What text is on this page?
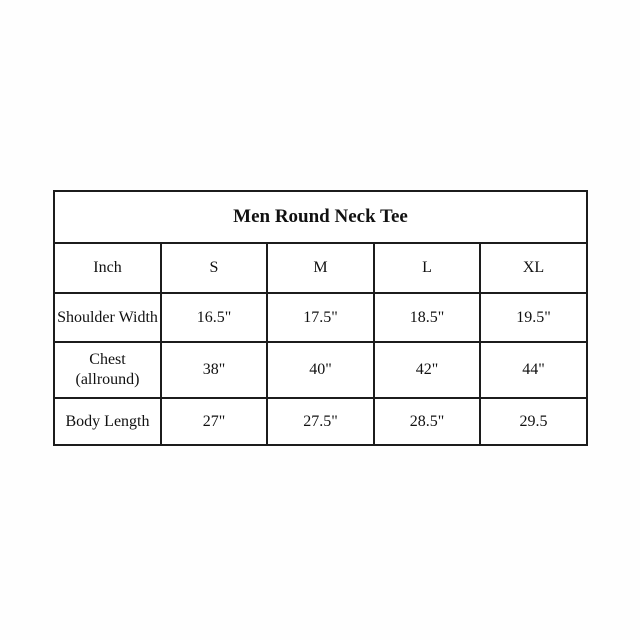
Men Round Neck Tee				
Inch	S	M	L	XL
Shoulder Width	16.5"	17.5"	18.5"	19.5"
Chest (allround)	38"	40"	42"	44"
Body Length	27"	27.5"	28.5"	29.5
